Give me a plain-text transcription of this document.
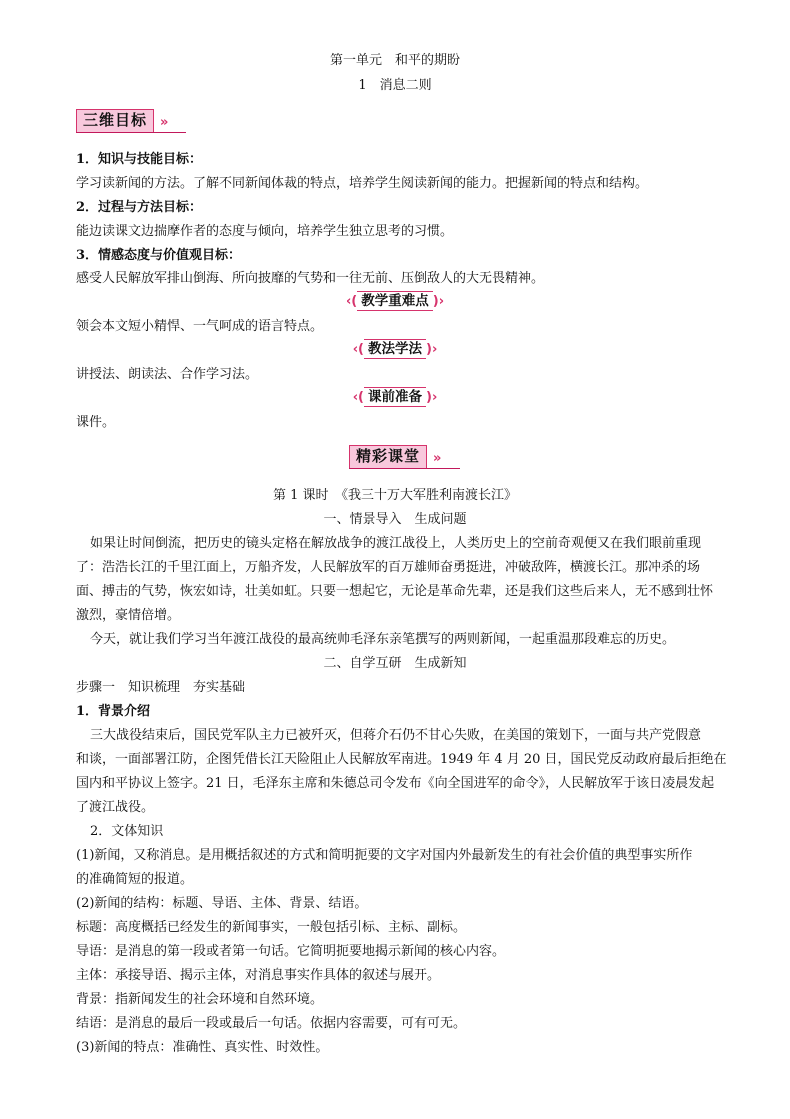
第一单元　和平的期盼
1　消息二则
三维目标	»
1．知识与技能目标：
学习读新闻的方法。了解不同新闻体裁的特点，培养学生阅读新闻的能力。把握新闻的特点和结构。
2．过程与方法目标：
能边读课文边揣摩作者的态度与倾向，培养学生独立思考的习惯。
3．情感态度与价值观目标：
感受人民解放军排山倒海、所向披靡的气势和一往无前、压倒敌人的大无畏精神。
‹( 教学重难点 )›
领会本文短小精悍、一气呵成的语言特点。
‹( 教法学法 )›
讲授法、朗读法、合作学习法。
‹( 课前准备 )›
课件。
精彩课堂	»
第 1 课时　《我三十万大军胜利南渡长江》
一、情景导入　生成问题
如果让时间倒流，把历史的镜头定格在解放战争的渡江战役上，人类历史上的空前奇观便又在我们眼前重现
了：浩浩长江的千里江面上，万船齐发，人民解放军的百万雄师奋勇挺进，冲破敌阵，横渡长江。那冲杀的场
面、搏击的气势，恢宏如诗，壮美如虹。只要一想起它，无论是革命先辈，还是我们这些后来人，无不感到壮怀
激烈，豪情倍增。
今天，就让我们学习当年渡江战役的最高统帅毛泽东亲笔撰写的两则新闻，一起重温那段难忘的历史。
二、自学互研　生成新知
步骤一　知识梳理　夯实基础
1．背景介绍
三大战役结束后，国民党军队主力已被歼灭，但蒋介石仍不甘心失败，在美国的策划下，一面与共产党假意
和谈，一面部署江防，企图凭借长江天险阻止人民解放军南进。1949 年 4 月 20 日，国民党反动政府最后拒绝在
国内和平协议上签字。21 日，毛泽东主席和朱德总司令发布《向全国进军的命令》，人民解放军于该日凌晨发起
了渡江战役。
2．文体知识
(1)新闻，又称消息。是用概括叙述的方式和简明扼要的文字对国内外最新发生的有社会价值的典型事实所作
的准确简短的报道。
(2)新闻的结构：标题、导语、主体、背景、结语。
标题：高度概括已经发生的新闻事实，一般包括引标、主标、副标。
导语：是消息的第一段或者第一句话。它简明扼要地揭示新闻的核心内容。
主体：承接导语、揭示主体，对消息事实作具体的叙述与展开。
背景：指新闻发生的社会环境和自然环境。
结语：是消息的最后一段或最后一句话。依据内容需要，可有可无。
(3)新闻的特点：准确性、真实性、时效性。
